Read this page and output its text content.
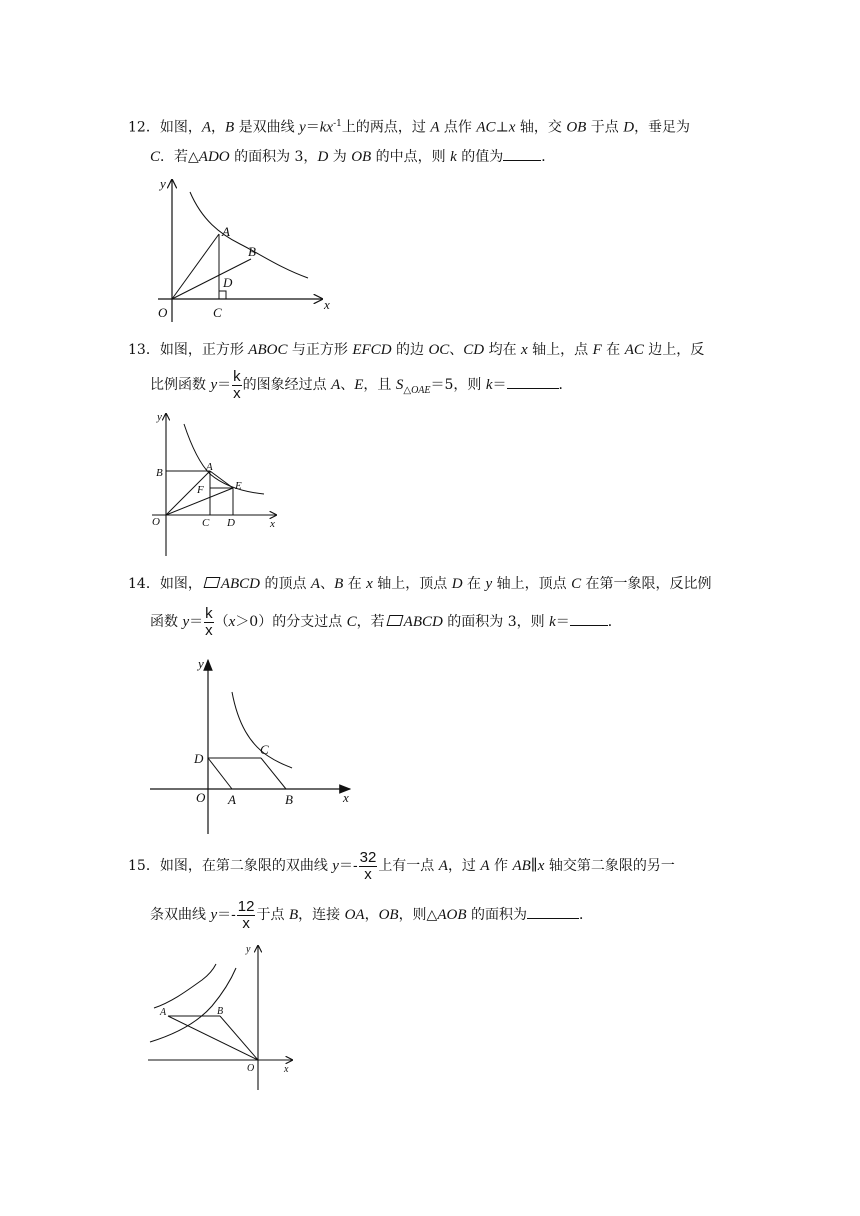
12．如图，A，B 是双曲线 $y=kx^{-1}$上的两点，过 A 点作 AC⊥x 轴，交 OB 于点 D，垂足为
C．若△ADO 的面积为 3，D 为 OB 的中点，则 k 的值为	．
y
x
O	C
A
B
D
13．如图，正方形 ABOC 与正方形 EFCD 的边 OC、CD 均在 x 轴上，点 F 在 AC 边上，反
比例函数 $y= \frac{k}{x}$ 的图象经过点 A、E，且 $S_{\triangle OAE}=5$，则 k＝	．
y
x
O
B	A
F	E
C D
14．如图， ABCD 的顶点 A、B 在 x 轴上，顶点 D 在 y 轴上，顶点 C 在第一象限，反比例
函数 $y= \frac{k}{x} (x>0)$的分支过点 C，若 ABCD 的面积为 3，则 k＝	．
y
x
O A	B
C
D
15．如图，在第二象限的双曲线 $y=- \frac{32}{x}$ 上有一点 A，过 A 作 AB∥x 轴交第二象限的另一
条双曲线 $y=- \frac{12}{x}$ 于点 B，连接 OA，OB，则△AOB 的面积为	．
y
x
O
A	B
